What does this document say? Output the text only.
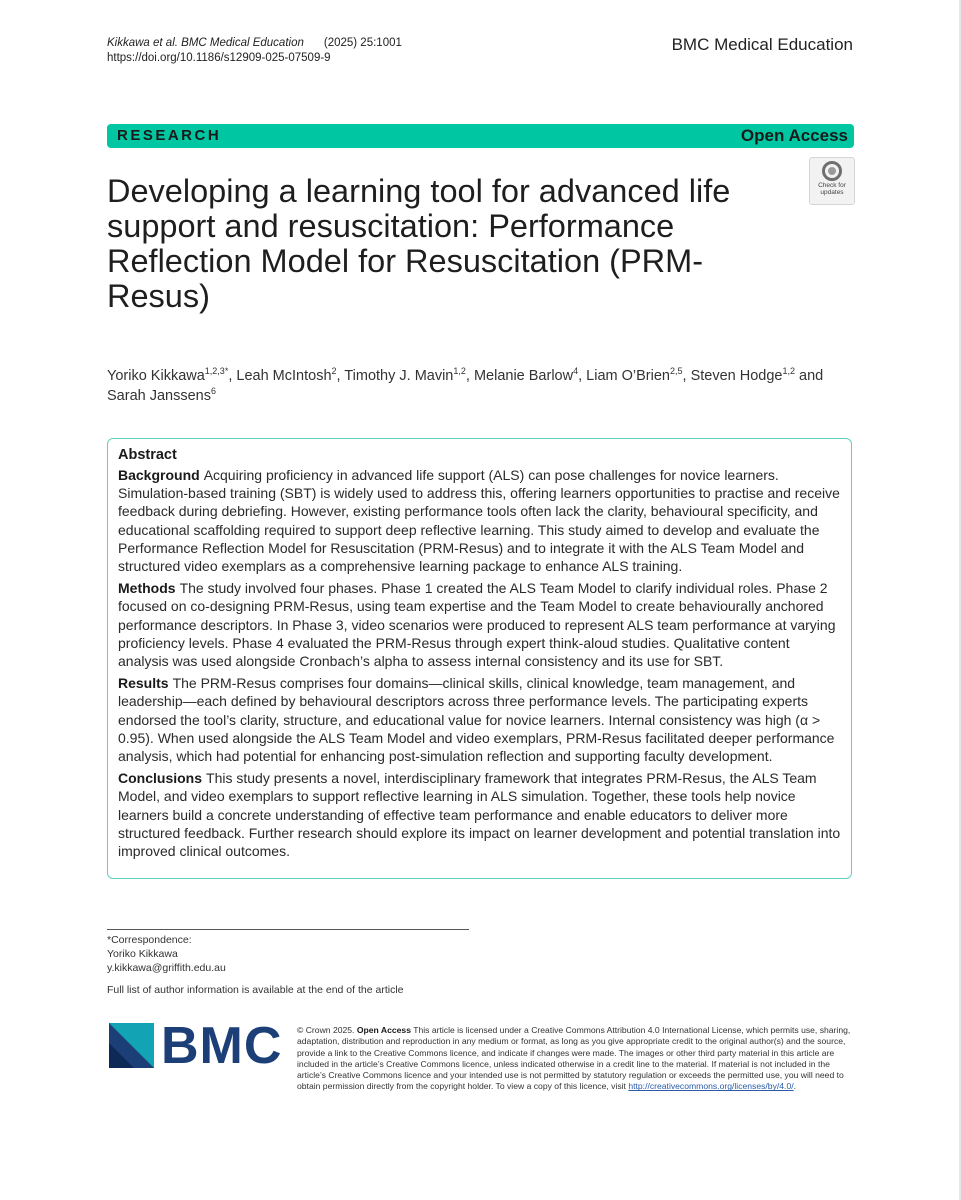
Kikkawa et al. BMC Medical Education (2025) 25:1001
https://doi.org/10.1186/s12909-025-07509-9
BMC Medical Education
RESEARCH	Open Access
Check for
updates
Developing a learning tool for advanced life support and resuscitation: Performance Reflection Model for Resuscitation (PRM-Resus)
Yoriko Kikkawa$^{1,2,3*}$, Leah McIntosh$^2$, Timothy J. Mavin$^{1,2}$, Melanie Barlow$^4$, Liam O’Brien$^{2,5}$, Steven Hodge$^{1,2}$ and Sarah Janssens$^6$
Abstract

Background Acquiring proficiency in advanced life support (ALS) can pose challenges for novice learners. Simulation-based training (SBT) is widely used to address this, offering learners opportunities to practise and receive feedback during debriefing. However, existing performance tools often lack the clarity, behavioural specificity, and educational scaffolding required to support deep reflective learning. This study aimed to develop and evaluate the Performance Reflection Model for Resuscitation (PRM-Resus) and to integrate it with the ALS Team Model and structured video exemplars as a comprehensive learning package to enhance ALS training.

Methods The study involved four phases. Phase 1 created the ALS Team Model to clarify individual roles. Phase 2 focused on co-designing PRM-Resus, using team expertise and the Team Model to create behaviourally anchored performance descriptors. In Phase 3, video scenarios were produced to represent ALS team performance at varying proficiency levels. Phase 4 evaluated the PRM-Resus through expert think-aloud studies. Qualitative content analysis was used alongside Cronbach’s alpha to assess internal consistency and its use for SBT.

Results The PRM-Resus comprises four domains—clinical skills, clinical knowledge, team management, and leadership—each defined by behavioural descriptors across three performance levels. The participating experts endorsed the tool’s clarity, structure, and educational value for novice learners. Internal consistency was high (α > 0.95). When used alongside the ALS Team Model and video exemplars, PRM-Resus facilitated deeper performance analysis, which had potential for enhancing post-simulation reflection and supporting faculty development.

Conclusions This study presents a novel, interdisciplinary framework that integrates PRM-Resus, the ALS Team Model, and video exemplars to support reflective learning in ALS simulation. Together, these tools help novice learners build a concrete understanding of effective team performance and enable educators to deliver more structured feedback. Further research should explore its impact on learner development and potential translation into improved clinical outcomes.

*Correspondence:
Yoriko Kikkawa
y.kikkawa@griffith.edu.au
Full list of author information is available at the end of the article
BMC © Crown 2025. Open Access This article is licensed under a Creative Commons Attribution 4.0 International License, which permits use, sharing, adaptation, distribution and reproduction in any medium or format, as long as you give appropriate credit to the original author(s) and the source, provide a link to the Creative Commons licence, and indicate if changes were made. The images or other third party material in this article are included in the article’s Creative Commons licence, unless indicated otherwise in a credit line to the material. If material is not included in the article’s Creative Commons licence and your intended use is not permitted by statutory regulation or exceeds the permitted use, you will need to obtain permission directly from the copyright holder. To view a copy of this licence, visit http://creativecommons.org/licenses/by/4.0/.
